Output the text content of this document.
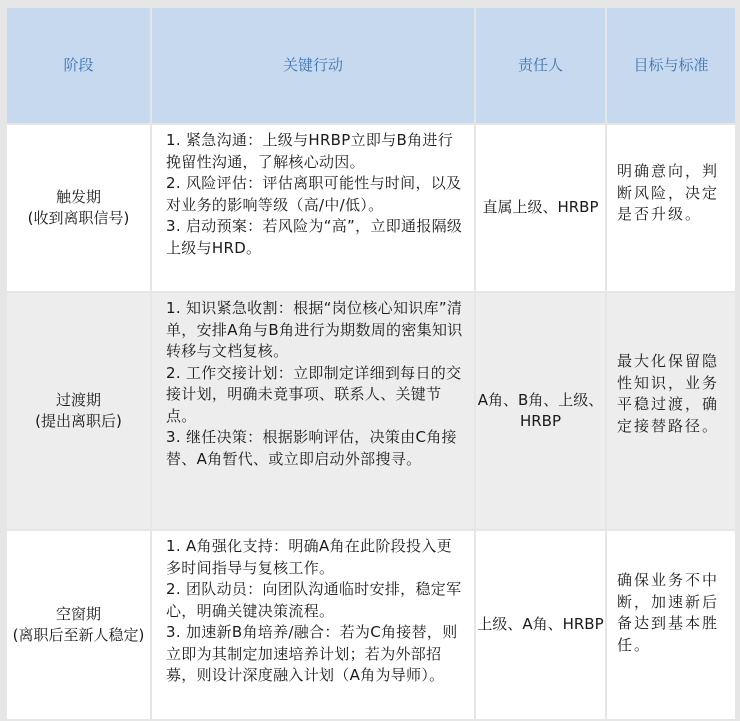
阶段	关键行动	责任人	目标与标准

触发期
(收到离职信号)	1. 紧急沟通：上级与HRBP立即与B角进行挽留性沟通，了解核心动因。
2. 风险评估：评估离职可能性与时间，以及对业务的影响等级（高/中/低）。
3. 启动预案：若风险为“高”，立即通报隔级上级与HRD。	直属上级、HRBP	明确意向，判断风险，决定是否升级。

过渡期
(提出离职后)	1. 知识紧急收割：根据“岗位核心知识库”清单，安排A角与B角进行为期数周的密集知识转移与文档复核。
2. 工作交接计划：立即制定详细到每日的交接计划，明确未竟事项、联系人、关键节点。
3. 继任决策：根据影响评估，决策由C角接替、A角暂代、或立即启动外部搜寻。	A角、B角、上级、HRBP	最大化保留隐性知识，业务平稳过渡，确定接替路径。

空窗期
(离职后至新人稳定)	1. A角强化支持：明确A角在此阶段投入更多时间指导与复核工作。
2. 团队动员：向团队沟通临时安排，稳定军心，明确关键决策流程。
3. 加速新B角培养/融合：若为C角接替，则立即为其制定加速培养计划；若为外部招募，则设计深度融入计划（A角为导师）。	上级、A角、HRBP	确保业务不中断，加速新后备达到基本胜任。
